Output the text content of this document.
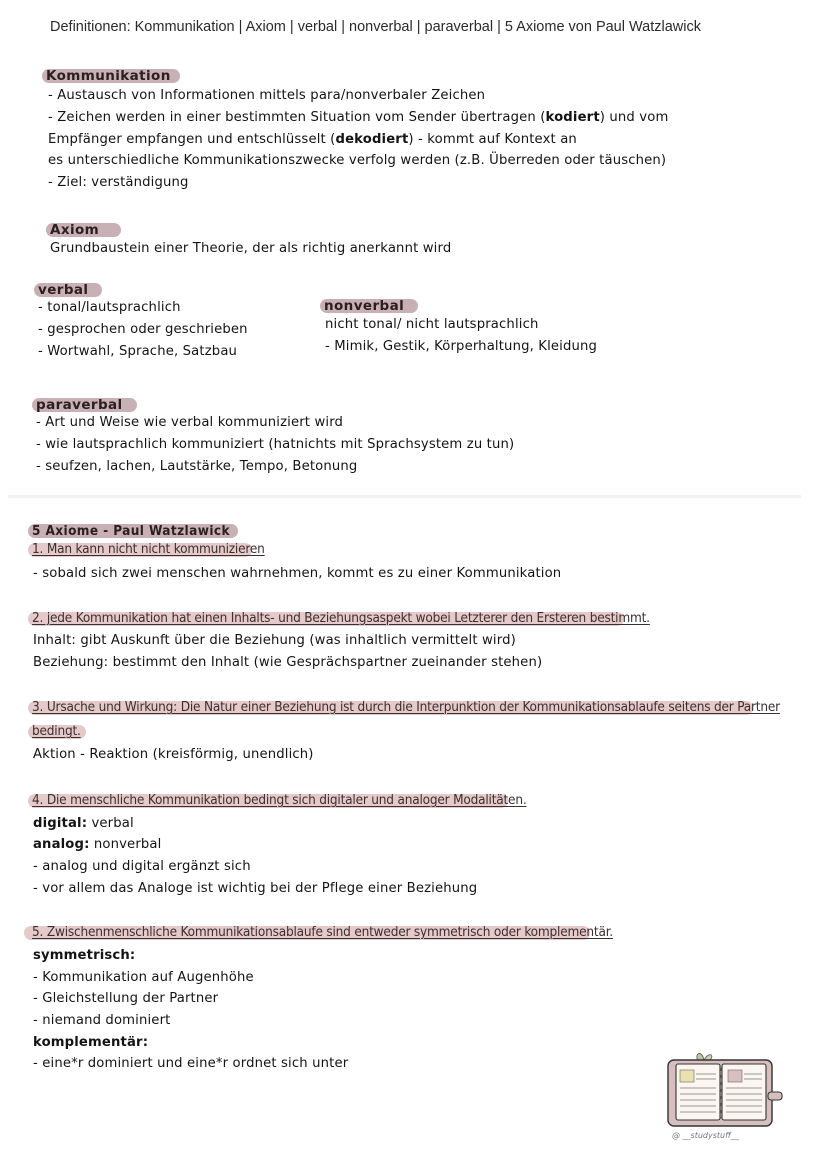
Definitionen: Kommunikation | Axiom | verbal | nonverbal | paraverbal | 5 Axiome von Paul Watzlawick
Kommunikation
- Austausch von Informationen mittels para/nonverbaler Zeichen
- Zeichen werden in einer bestimmten Situation vom Sender übertragen (kodiert) und vom
Empfänger empfangen und entschlüsselt (dekodiert) - kommt auf Kontext an
es unterschiedliche Kommunikationszwecke verfolg werden (z.B. Überreden oder täuschen)
- Ziel: verständigung
Axiom
Grundbaustein einer Theorie, der als richtig anerkannt wird
verbal
- tonal/lautsprachlich
- gesprochen oder geschrieben
- Wortwahl, Sprache, Satzbau
nonverbal
nicht tonal/ nicht lautsprachlich
- Mimik, Gestik, Körperhaltung, Kleidung
paraverbal
- Art und Weise wie verbal kommuniziert wird
- wie lautsprachlich kommuniziert (hatnichts mit Sprachsystem zu tun)
- seufzen, lachen, Lautstärke, Tempo, Betonung
5 Axiome - Paul Watzlawick
1. Man kann nicht nicht kommunizieren
- sobald sich zwei menschen wahrnehmen, kommt es zu einer Kommunikation
2. jede Kommunikation hat einen Inhalts- und Beziehungsaspekt wobei Letzterer den Ersteren bestimmt.
Inhalt: gibt Auskunft über die Beziehung (was inhaltlich vermittelt wird)
Beziehung: bestimmt den Inhalt (wie Gesprächspartner zueinander stehen)
3. Ursache und Wirkung: Die Natur einer Beziehung ist durch die Interpunktion der Kommunikationsablaufe seitens der Partner
bedingt.
Aktion - Reaktion (kreisförmig, unendlich)
4. Die menschliche Kommunikation bedingt sich digitaler und analoger Modalitäten.
digital: verbal
analog: nonverbal
- analog und digital ergänzt sich
- vor allem das Analoge ist wichtig bei der Pflege einer Beziehung
5. Zwischenmenschliche Kommunikationsablaufe sind entweder symmetrisch oder komplementär.
symmetrisch:
- Kommunikation auf Augenhöhe
- Gleichstellung der Partner
- niemand dominiert
komplementär:
- eine*r dominiert und eine*r ordnet sich unter
@ __studystuff__
